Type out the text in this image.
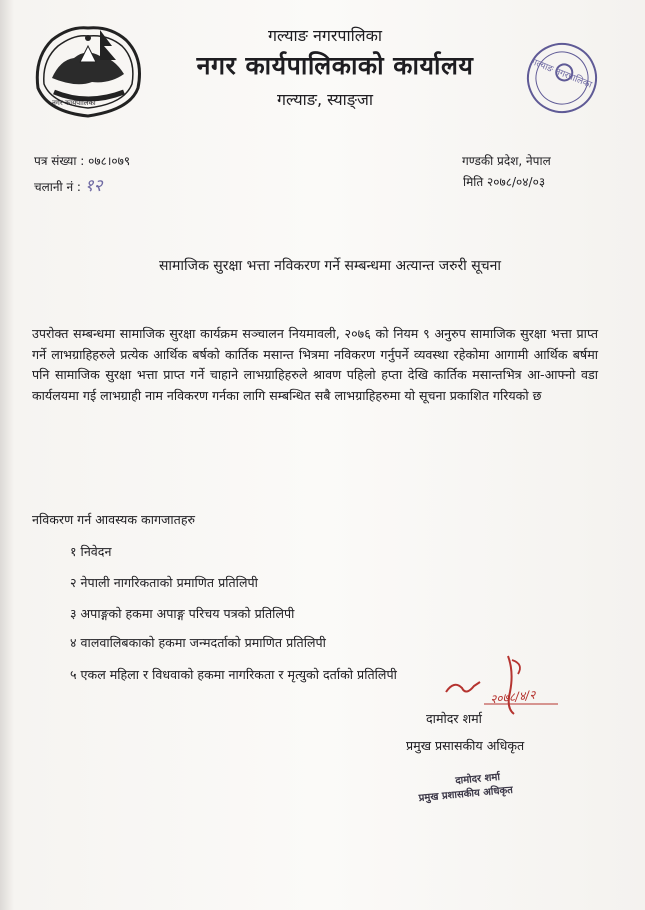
नगर कार्यपालिका
गल्याङ नगरपालिका
नगर कार्यपालिकाको कार्यालय
गल्याङ, स्याङ्जा
गल्याङ नगरपालिका
पत्र संख्या : ०७८।०७९
चलानी नं : १२
गण्डकी प्रदेश, नेपाल
मिति २०७८/०४/०३
सामाजिक सुरक्षा भत्ता नविकरण गर्ने सम्बन्धमा अत्यान्त जरुरी सूचना
उपरोक्त सम्बन्धमा सामाजिक सुरक्षा कार्यक्रम सञ्चालन नियमावली, २०७६ को नियम ९ अनुरुप सामाजिक सुरक्षा भत्ता प्राप्त गर्ने लाभग्राहिहरुले प्रत्येक आर्थिक बर्षको कार्तिक मसान्त भित्रमा नविकरण गर्नुपर्ने व्यवस्था रहेकोमा आगामी आर्थिक बर्षमा पनि सामाजिक सुरक्षा भत्ता प्राप्त गर्ने चाहाने लाभग्राहिहरुले श्रावण पहिलो हप्ता देखि कार्तिक मसान्तभित्र आ-आफ्नो वडा कार्यलयमा गई लाभग्राही नाम नविकरण गर्नका लागि सम्बन्धित सबै लाभग्राहिहरुमा यो सूचना प्रकाशित गरियको छ
नविकरण गर्न आवस्यक कागजातहरु
१ निवेदन
२ नेपाली नागरिकताको प्रमाणित प्रतिलिपी
३ अपाङ्गको हकमा अपाङ्ग परिचय पत्रको प्रतिलिपी
४ वालवालिबकाको हकमा जन्मदर्ताको प्रमाणित प्रतिलिपी
५ एकल महिला र विधवाको हकमा नागरिकता र मृत्युको दर्ताको प्रतिलिपी
२०७८/४/२
दामोदर शर्मा
प्रमुख प्रसासकीय अधिकृत
दामोदर शर्मा
प्रमुख प्रशासकीय अधिकृत
